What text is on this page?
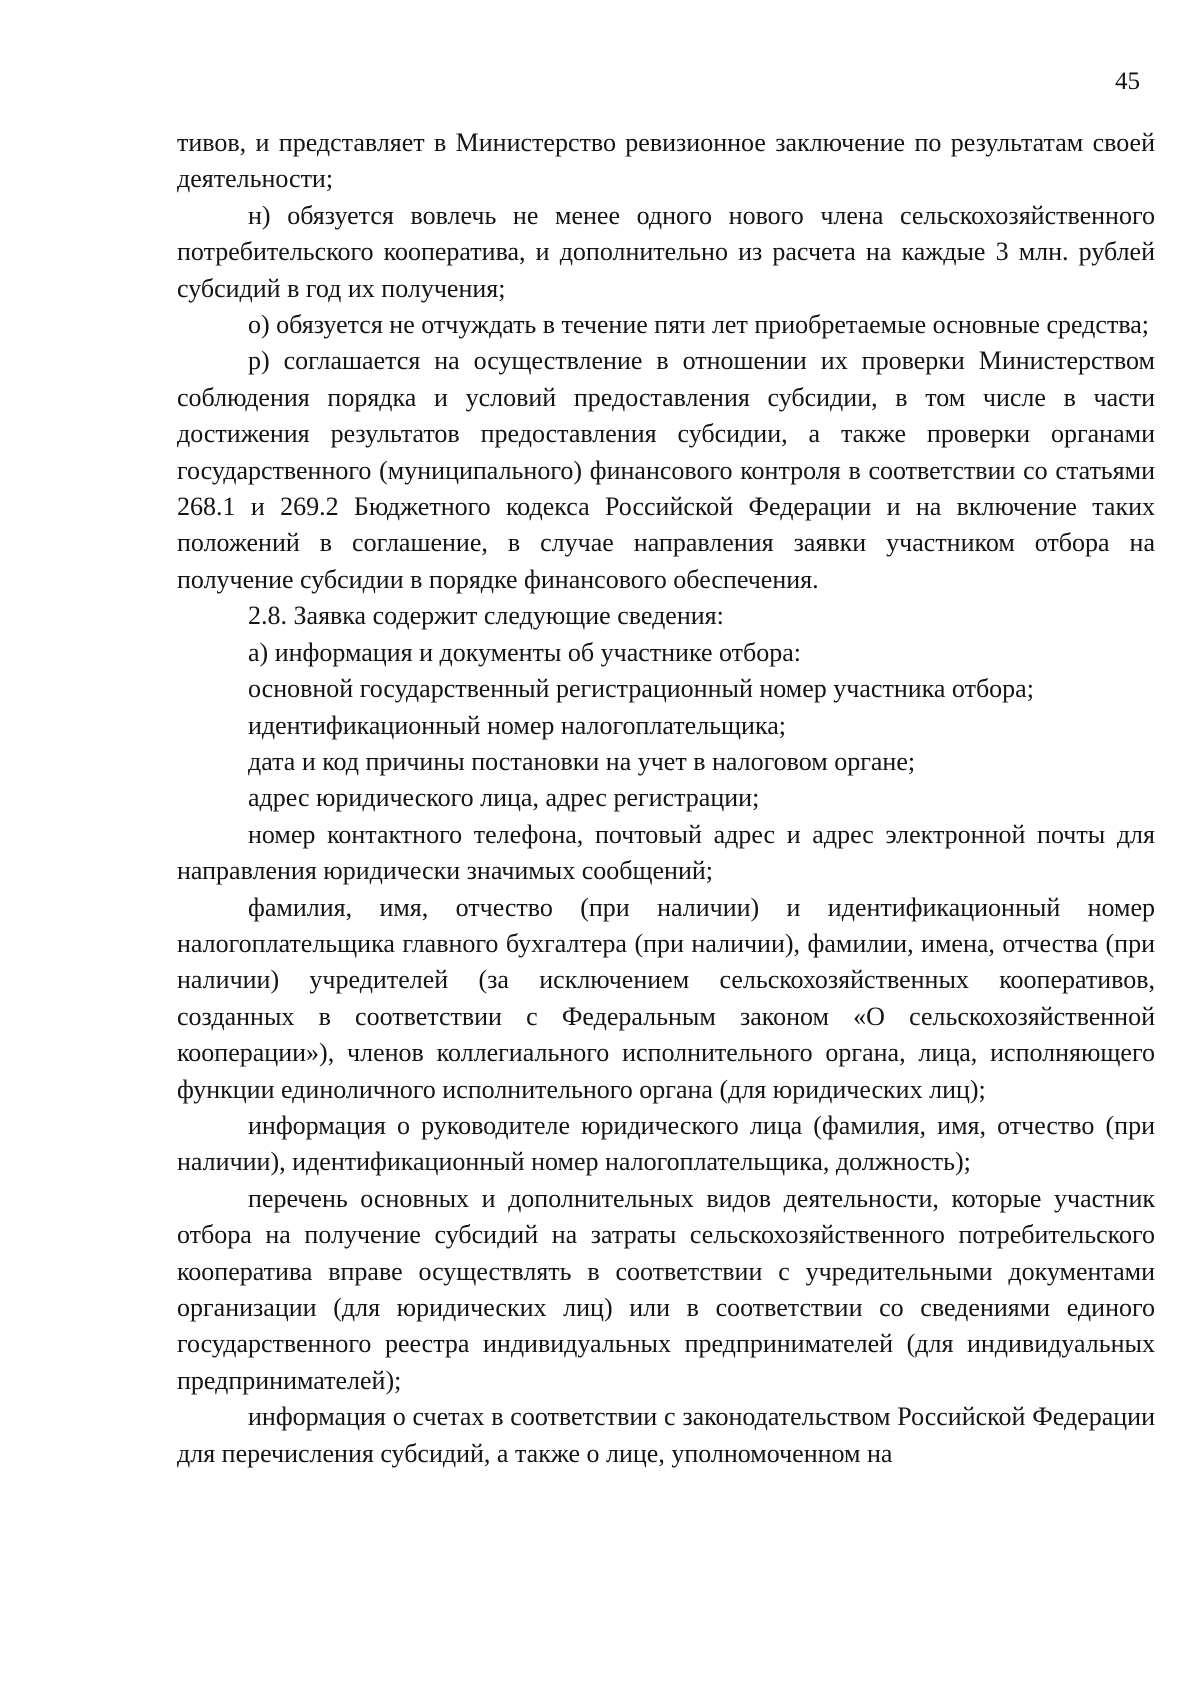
45

тивов, и представляет в Министерство ревизионное заключение по результатам своей деятельности;

н) обязуется вовлечь не менее одного нового члена сельскохозяйственного потребительского кооператива, и дополнительно из расчета на каждые 3 млн. рублей субсидий в год их получения;

о) обязуется не отчуждать в течение пяти лет приобретаемые основные средства;

р) соглашается на осуществление в отношении их проверки Министерством соблюдения порядка и условий предоставления субсидии, в том числе в части достижения результатов предоставления субсидии, а также проверки органами государственного (муниципального) финансового контроля в соответствии со статьями 268.1 и 269.2 Бюджетного кодекса Российской Федерации и на включение таких положений в соглашение, в случае направления заявки участником отбора на получение субсидии в порядке финансового обеспечения.

2.8. Заявка содержит следующие сведения:

а) информация и документы об участнике отбора:

основной государственный регистрационный номер участника отбора;

идентификационный номер налогоплательщика;

дата и код причины постановки на учет в налоговом органе;

адрес юридического лица, адрес регистрации;

номер контактного телефона, почтовый адрес и адрес электронной почты для направления юридически значимых сообщений;

фамилия, имя, отчество (при наличии) и идентификационный номер налогоплательщика главного бухгалтера (при наличии), фамилии, имена, отчества (при наличии) учредителей (за исключением сельскохозяйственных кооперативов, созданных в соответствии с Федеральным законом «О сельскохозяйственной кооперации»), членов коллегиального исполнительного органа, лица, исполняющего функции единоличного исполнительного органа (для юридических лиц);

информация о руководителе юридического лица (фамилия, имя, отчество (при наличии), идентификационный номер налогоплательщика, должность);

перечень основных и дополнительных видов деятельности, которые участник отбора на получение субсидий на затраты сельскохозяйственного потребительского кооператива вправе осуществлять в соответствии с учредительными документами организации (для юридических лиц) или в соответствии со сведениями единого государственного реестра индивидуальных предпринимателей (для индивидуальных предпринимателей);

информация о счетах в соответствии с законодательством Российской Федерации для перечисления субсидий, а также о лице, уполномоченном на
